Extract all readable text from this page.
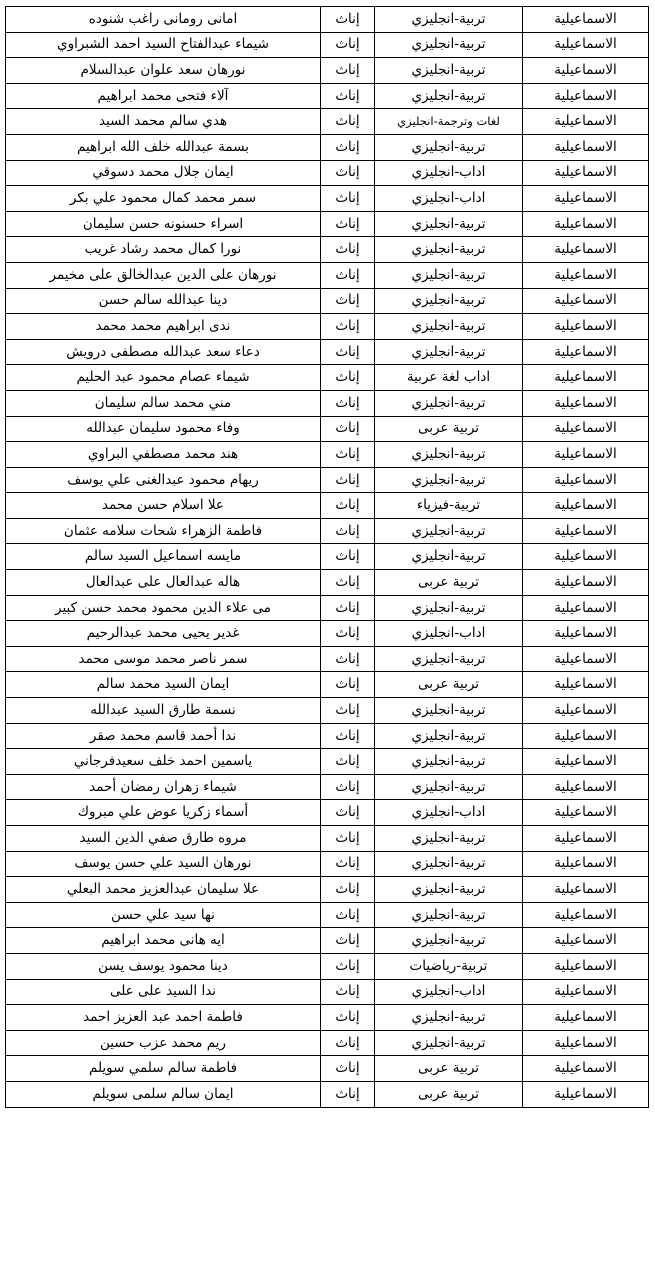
الاسماعيلية	تربية-انجليزي	إناث	امانى رومانى راغب شنوده
الاسماعيلية	تربية-انجليزي	إناث	شيماء عبدالفتاح السيد احمد الشبراوي
الاسماعيلية	تربية-انجليزي	إناث	نورهان سعد علوان عبدالسلام
الاسماعيلية	تربية-انجليزي	إناث	آلاء فتحى محمد ابراهيم
الاسماعيلية	لغات وترجمة-انجليزي	إناث	هدي سالم محمد السيد
الاسماعيلية	تربية-انجليزي	إناث	بسمة عبدالله خلف الله ابراهيم
الاسماعيلية	اداب-انجليزي	إناث	ايمان جلال محمد دسوقي
الاسماعيلية	اداب-انجليزي	إناث	سمر محمد كمال محمود علي بكر
الاسماعيلية	تربية-انجليزي	إناث	اسراء حسنونه حسن سليمان
الاسماعيلية	تربية-انجليزي	إناث	نورا كمال محمد رشاد غريب
الاسماعيلية	تربية-انجليزي	إناث	نورهان على الدين عبدالخالق على مخيمر
الاسماعيلية	تربية-انجليزي	إناث	دينا عبدالله سالم حسن
الاسماعيلية	تربية-انجليزي	إناث	ندى ابراهيم محمد محمد
الاسماعيلية	تربية-انجليزي	إناث	دعاء سعد عبدالله مصطفى درويش
الاسماعيلية	اداب لغة عربية	إناث	شيماء عصام محمود عبد الحليم
الاسماعيلية	تربية-انجليزي	إناث	مني محمد سالم سليمان
الاسماعيلية	تربية عربى	إناث	وفاء محمود سليمان عبدالله
الاسماعيلية	تربية-انجليزي	إناث	هند محمد مصطفي البراوي
الاسماعيلية	تربية-انجليزي	إناث	ريهام محمود عبدالغنى علي يوسف
الاسماعيلية	تربية-فيزياء	إناث	علا اسلام حسن محمد
الاسماعيلية	تربية-انجليزي	إناث	فاطمة الزهراء شحات سلامه عثمان
الاسماعيلية	تربية-انجليزي	إناث	مايسه اسماعيل السيد سالم
الاسماعيلية	تربية عربى	إناث	هاله عبدالعال على عبدالعال
الاسماعيلية	تربية-انجليزي	إناث	مى علاء الدين محمود محمد حسن كبير
الاسماعيلية	اداب-انجليزي	إناث	غدير يحيى محمد عبدالرحيم
الاسماعيلية	تربية-انجليزي	إناث	سمر ناصر محمد موسى محمد
الاسماعيلية	تربية عربى	إناث	ايمان السيد محمد سالم
الاسماعيلية	تربية-انجليزي	إناث	نسمة طارق السيد عبدالله
الاسماعيلية	تربية-انجليزي	إناث	ندا أحمد قاسم محمد صقر
الاسماعيلية	تربية-انجليزي	إناث	ياسمين احمد خلف سعيدفرجاني
الاسماعيلية	تربية-انجليزي	إناث	شيماء زهران رمضان أحمد
الاسماعيلية	اداب-انجليزي	إناث	أسماء زكريا عوض علي مبروك
الاسماعيلية	تربية-انجليزي	إناث	مروه طارق صفي الدين السيد
الاسماعيلية	تربية-انجليزي	إناث	نورهان السيد علي حسن يوسف
الاسماعيلية	تربية-انجليزي	إناث	علا سليمان عبدالعزيز محمد البعلي
الاسماعيلية	تربية-انجليزي	إناث	نها سيد علي حسن
الاسماعيلية	تربية-انجليزي	إناث	ايه هانى محمد ابراهيم
الاسماعيلية	تربية-رياضيات	إناث	دينا محمود يوسف يسن
الاسماعيلية	اداب-انجليزي	إناث	ندا السيد على على
الاسماعيلية	تربية-انجليزي	إناث	فاطمة احمد عبد العزيز احمد
الاسماعيلية	تربية-انجليزي	إناث	ريم محمد عزب حسين
الاسماعيلية	تربية عربى	إناث	فاطمة سالم سلمي سويلم
الاسماعيلية	تربية عربى	إناث	ايمان سالم سلمى سويلم
